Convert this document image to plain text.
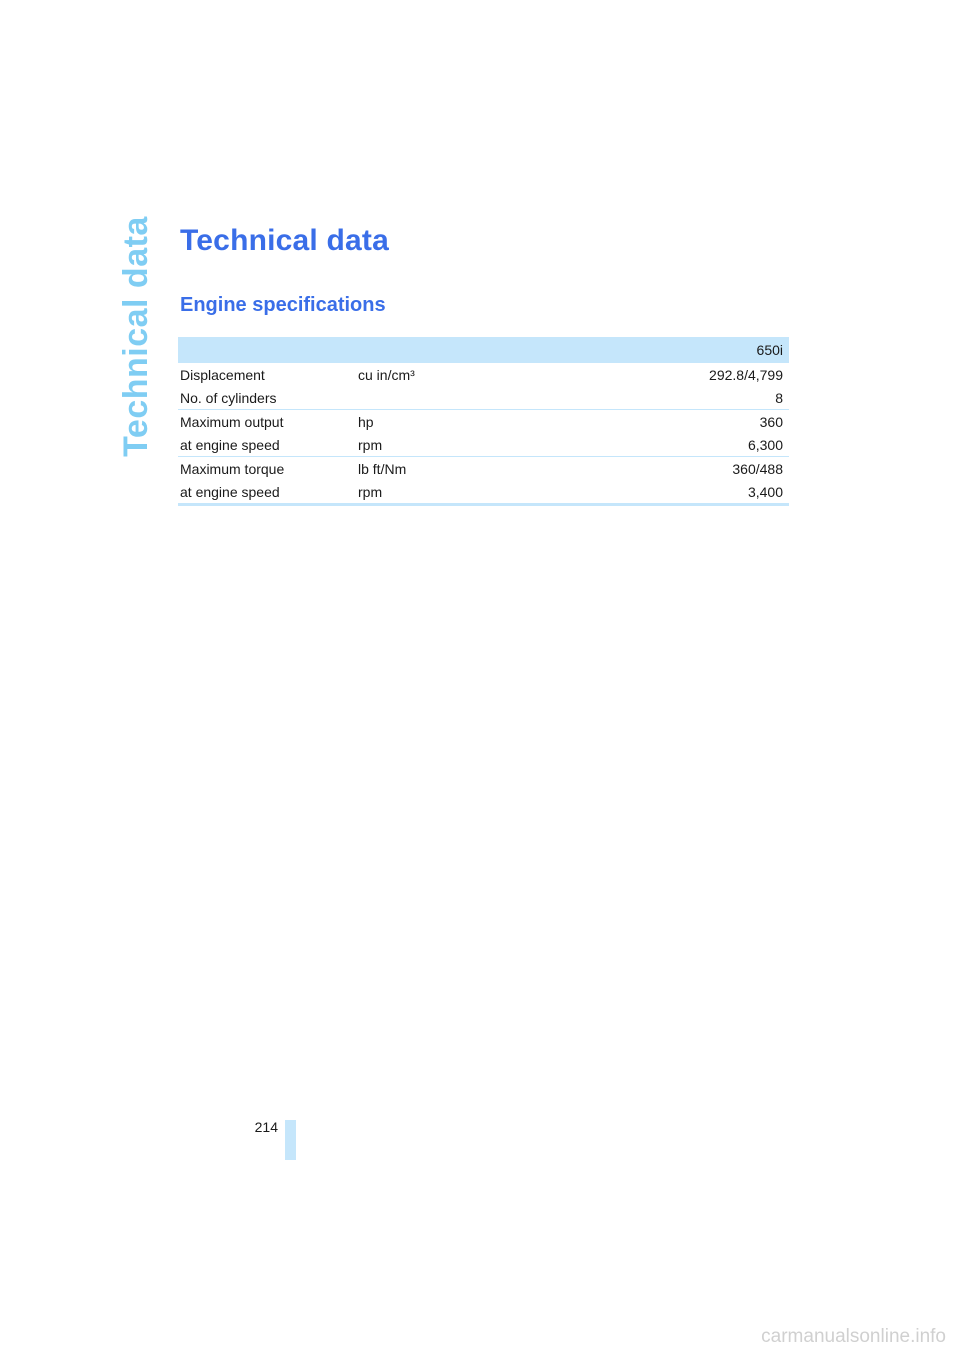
Technical data Technical data
Engine specifications
650i		
Displacement	cu in/cm³	292.8/4,799
No. of cylinders		8
Maximum output	hp	360
at engine speed	rpm	6,300
Maximum torque	lb ft/Nm	360/488
at engine speed	rpm	3,400
214
carmanualsonline.info
